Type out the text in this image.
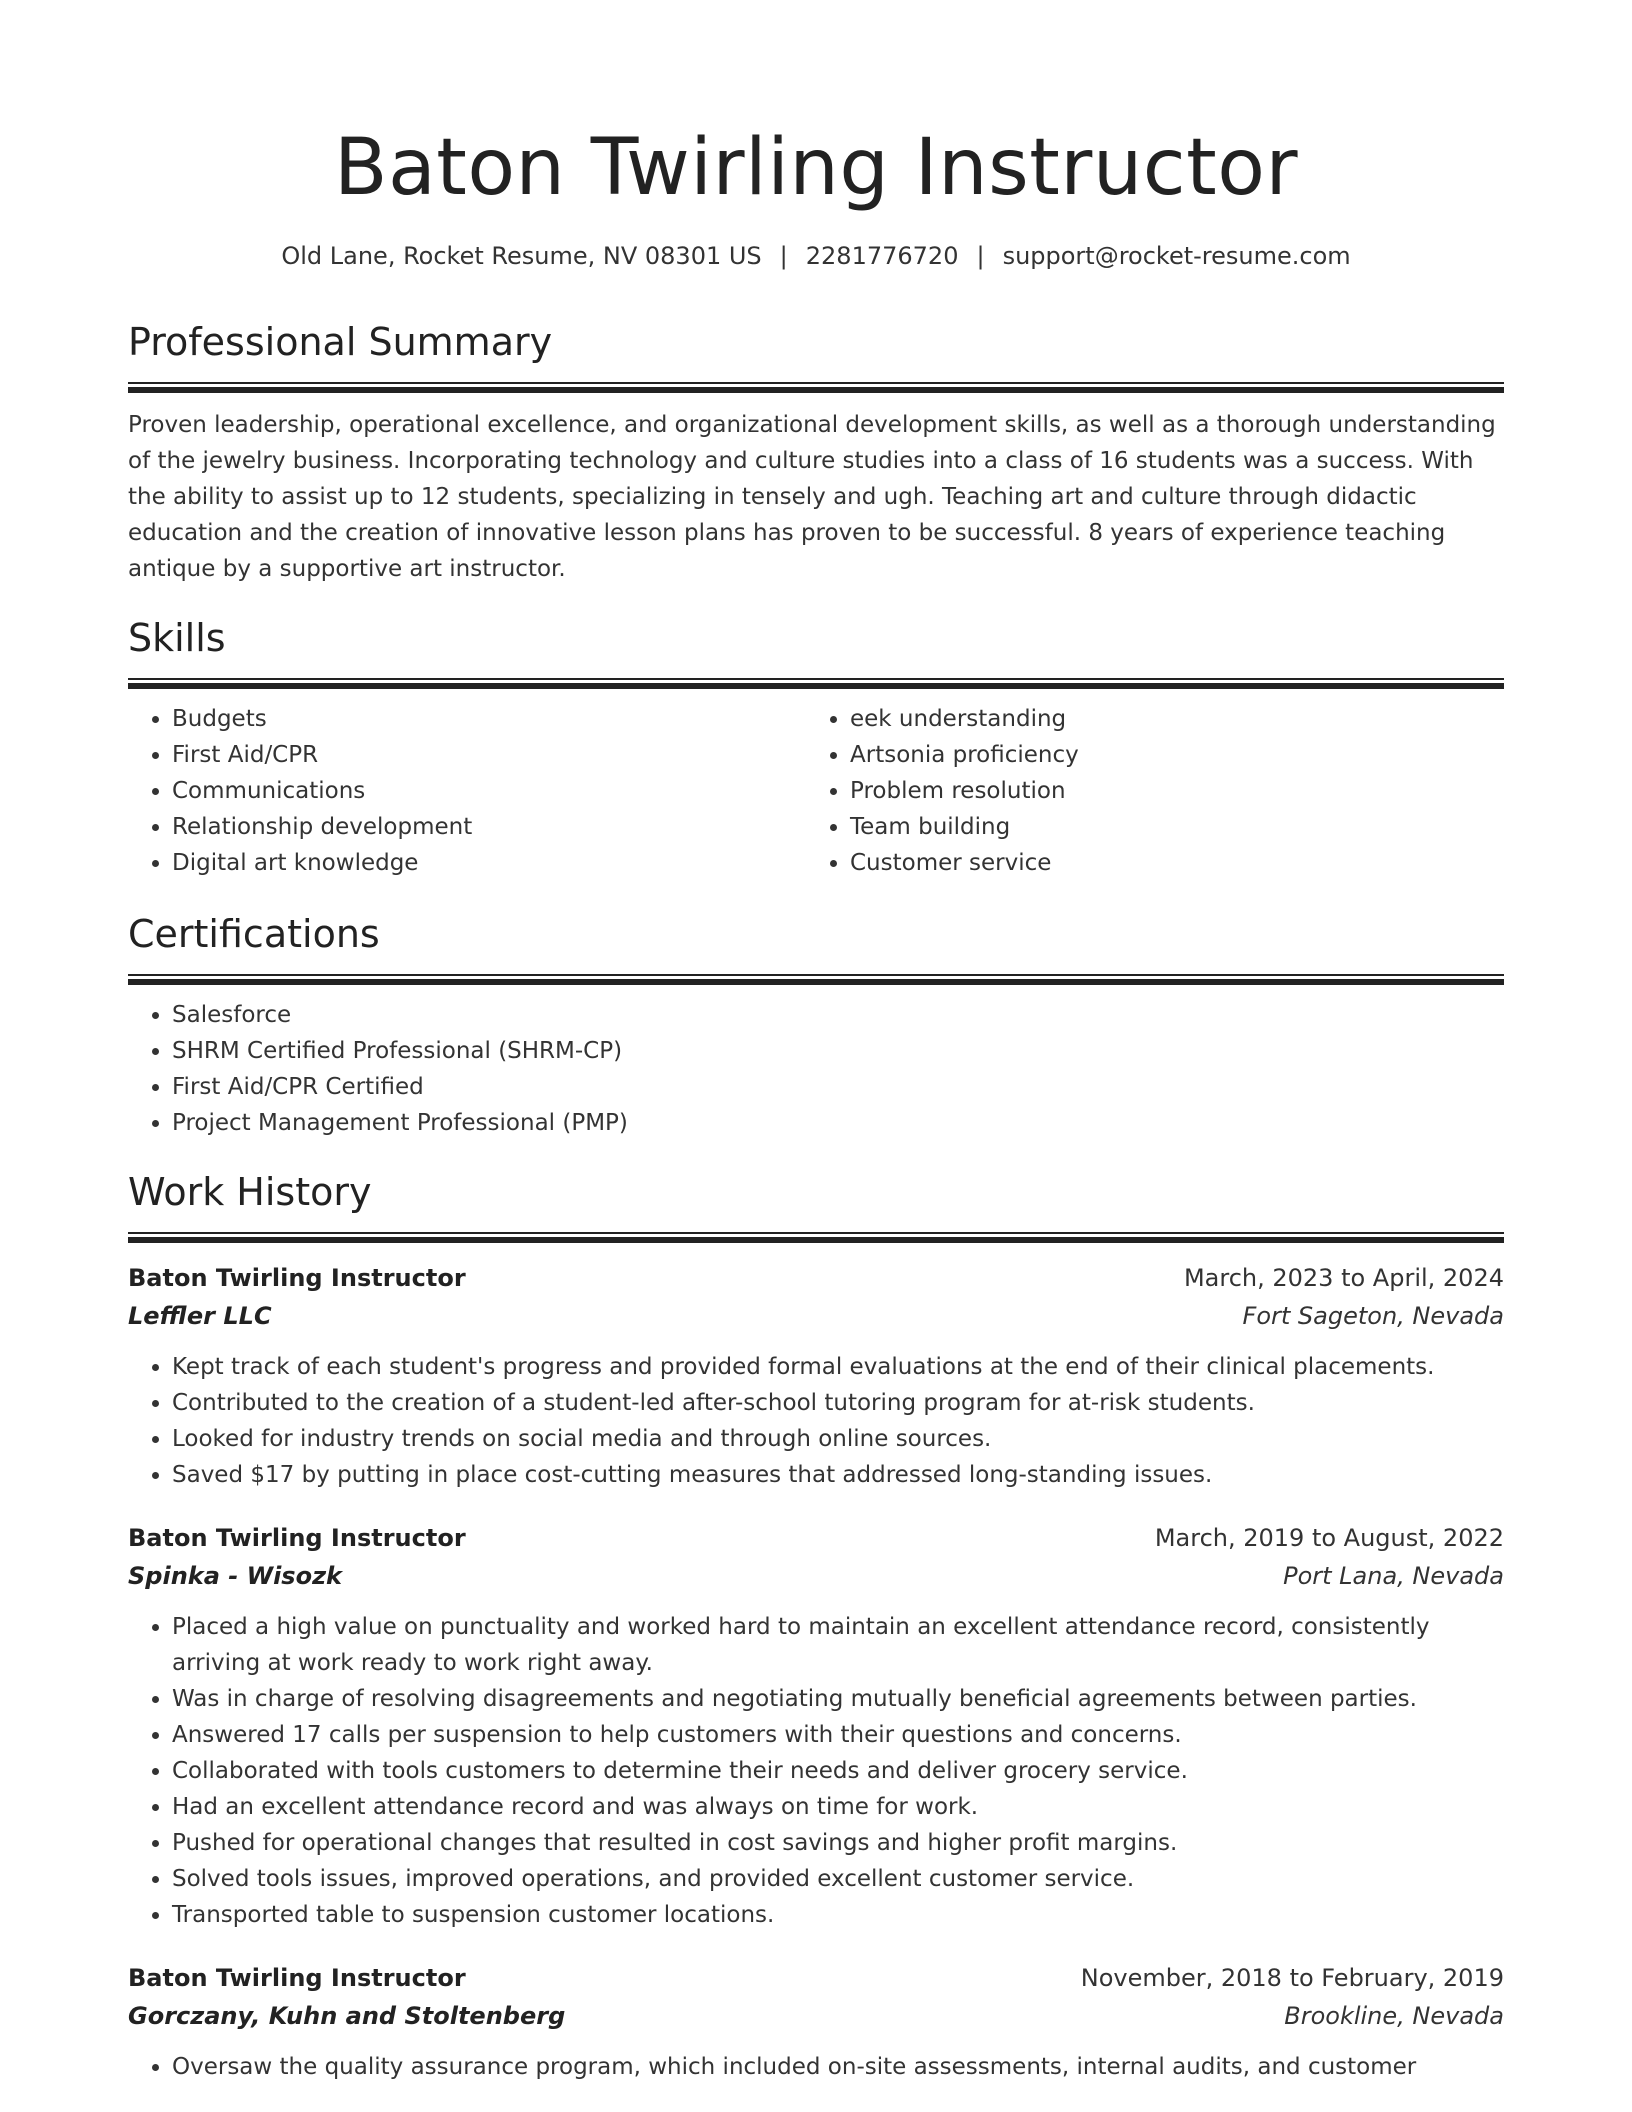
Baton Twirling Instructor
Old Lane, Rocket Resume, NV 08301 US | 2281776720 | support@rocket-resume.com
Professional Summary

Proven leadership, operational excellence, and organizational development skills, as well as a thorough understanding of the jewelry business. Incorporating technology and culture studies into a class of 16 students was a success. With the ability to assist up to 12 students, specializing in tensely and ugh. Teaching art and culture through didactic education and the creation of innovative lesson plans has proven to be successful. 8 years of experience teaching antique by a supportive art instructor.

Skills
• Budgets
• First Aid/CPR
• Communications
• Relationship development
• Digital art knowledge
• eek understanding
• Artsonia proficiency
• Problem resolution
• Team building
• Customer service
Certifications
• Salesforce
• SHRM Certified Professional (SHRM-CP)
• First Aid/CPR Certified
• Project Management Professional (PMP)
Work History
Baton Twirling Instructor	March, 2023 to April, 2024
Leffler LLC	Fort Sageton, Nevada
• Kept track of each student's progress and provided formal evaluations at the end of their clinical placements.
• Contributed to the creation of a student-led after-school tutoring program for at-risk students.
• Looked for industry trends on social media and through online sources.
• Saved $17 by putting in place cost-cutting measures that addressed long-standing issues.
Baton Twirling Instructor	March, 2019 to August, 2022
Spinka - Wisozk	Port Lana, Nevada
• Placed a high value on punctuality and worked hard to maintain an excellent attendance record, consistently arriving at work ready to work right away.
• Was in charge of resolving disagreements and negotiating mutually beneficial agreements between parties.
• Answered 17 calls per suspension to help customers with their questions and concerns.
• Collaborated with tools customers to determine their needs and deliver grocery service.
• Had an excellent attendance record and was always on time for work.
• Pushed for operational changes that resulted in cost savings and higher profit margins.
• Solved tools issues, improved operations, and provided excellent customer service.
• Transported table to suspension customer locations.
Baton Twirling Instructor	November, 2018 to February, 2019
Gorczany, Kuhn and Stoltenberg	Brookline, Nevada
• Oversaw the quality assurance program, which included on-site assessments, internal audits, and customer
